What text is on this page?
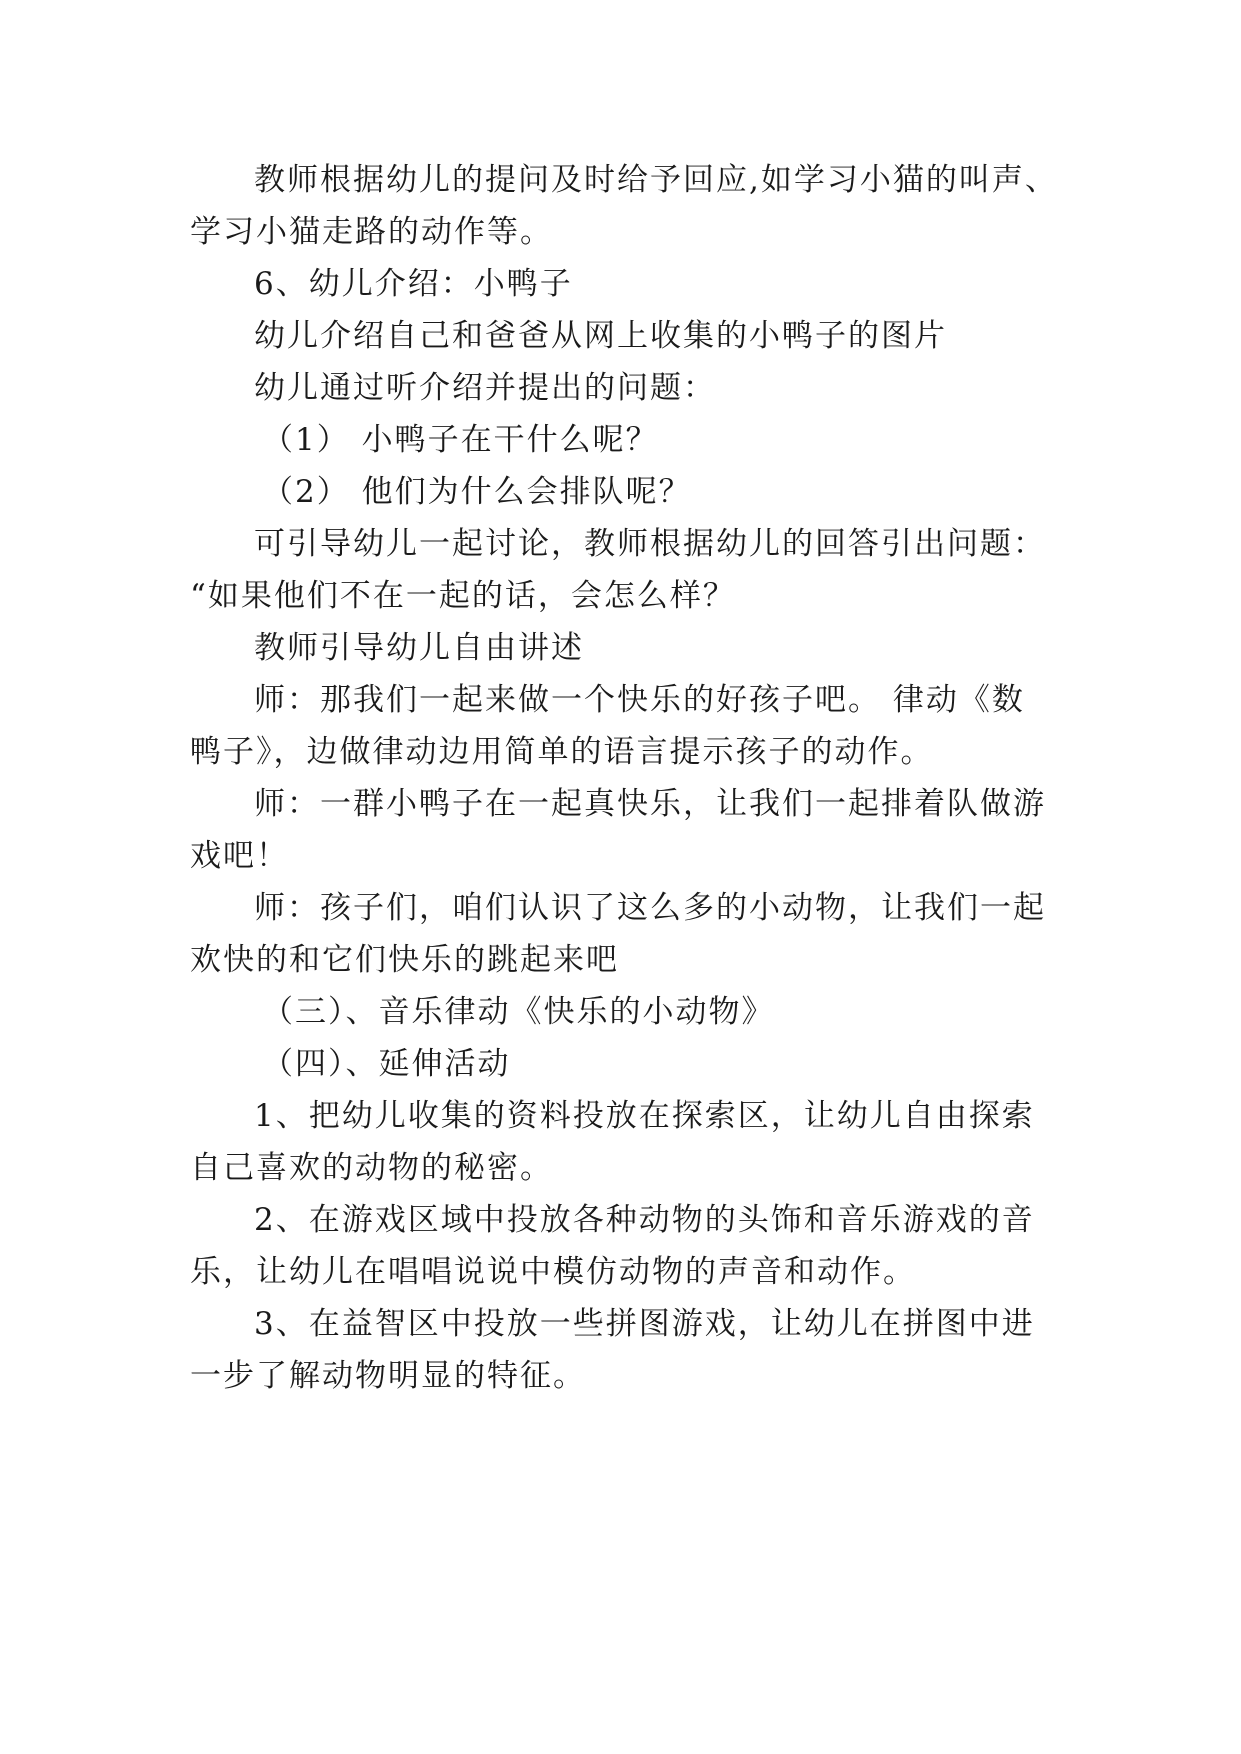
教师根据幼儿的提问及时给予回应,如学习小猫的叫声、
学习小猫走路的动作等。
6、幼儿介绍：小鸭子
幼儿介绍自己和爸爸从网上收集的小鸭子的图片
幼儿通过听介绍并提出的问题：
（1） 小鸭子在干什么呢？
（2） 他们为什么会排队呢？
可引导幼儿一起讨论，教师根据幼儿的回答引出问题：
“如果他们不在一起的话，会怎么样？
教师引导幼儿自由讲述
师：那我们一起来做一个快乐的好孩子吧。 律动《数
鸭子》，边做律动边用简单的语言提示孩子的动作。
师：一群小鸭子在一起真快乐，让我们一起排着队做游
戏吧！
师：孩子们，咱们认识了这么多的小动物，让我们一起
欢快的和它们快乐的跳起来吧
（三）、音乐律动《快乐的小动物》
（四）、延伸活动
1、把幼儿收集的资料投放在探索区，让幼儿自由探索
自己喜欢的动物的秘密。
2、在游戏区域中投放各种动物的头饰和音乐游戏的音
乐，让幼儿在唱唱说说中模仿动物的声音和动作。
3、在益智区中投放一些拼图游戏，让幼儿在拼图中进
一步了解动物明显的特征。
